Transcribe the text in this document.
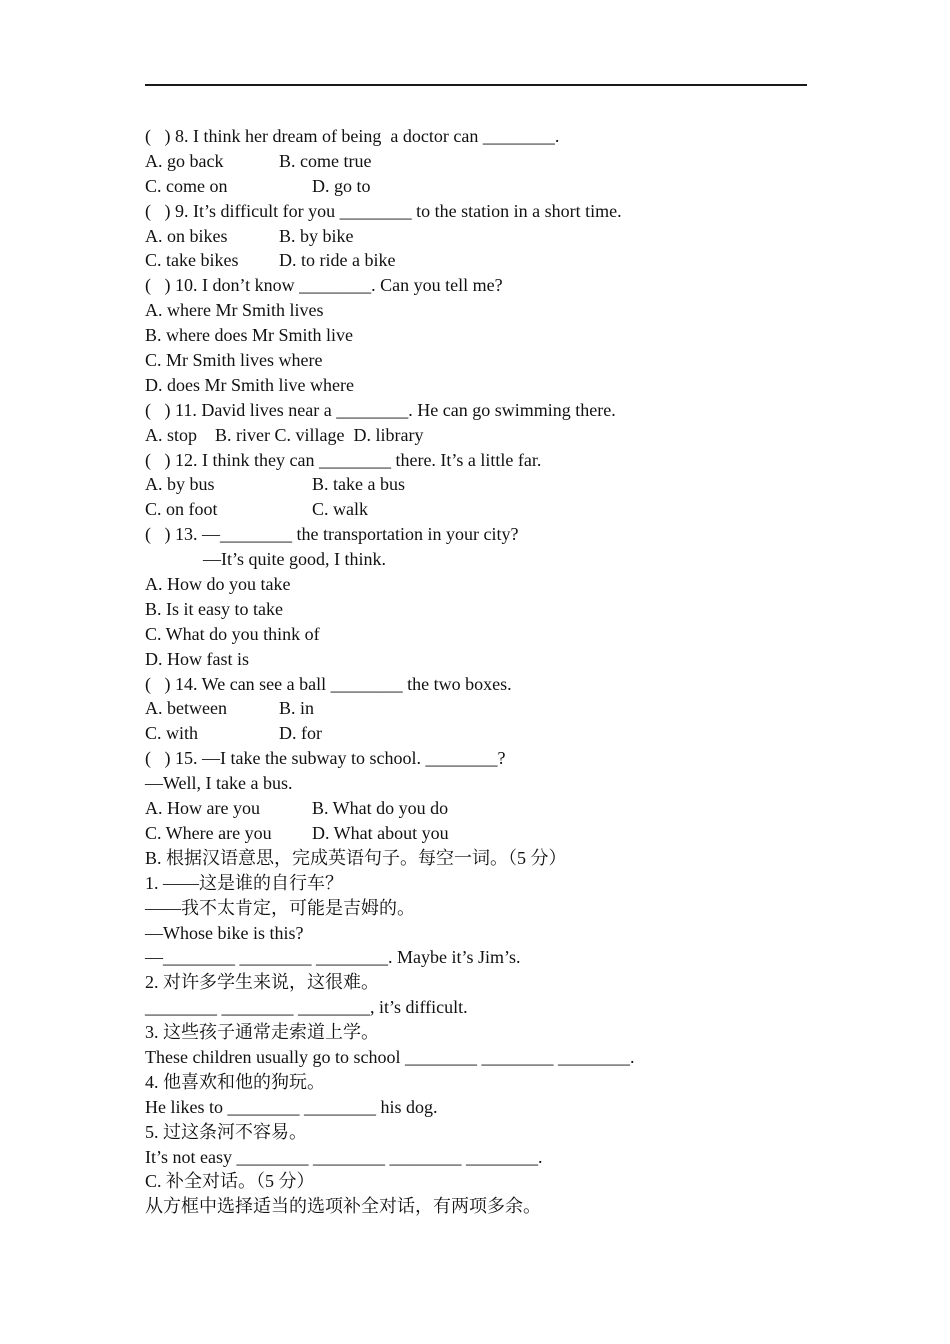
(   ) 8. I think her dream of being  a doctor can ________.
A. go back	B. come true
C. come on	D. go to
(   ) 9. It’s difficult for you ________ to the station in a short time.
A. on bikes	B. by bike
C. take bikes	D. to ride a bike
(   ) 10. I don’t know ________. Can you tell me?
A. where Mr Smith lives
B. where does Mr Smith live
C. Mr Smith lives where
D. does Mr Smith live where
(   ) 11. David lives near a ________. He can go swimming there.
A. stop    B. river C. village  D. library
(   ) 12. I think they can ________ there. It’s a little far.
A. by bus	B. take a bus
C. on foot	C. walk
(   ) 13. —________ the transportation in your city?
—It’s quite good, I think.
A. How do you take
B. Is it easy to take
C. What do you think of
D. How fast is
(   ) 14. We can see a ball ________ the two boxes.
A. between	B. in
C. with	D. for
(   ) 15. —I take the subway to school. ________?
—Well, I take a bus.
A. How are you	B. What do you do
C. Where are you	D. What about you
B. 根据汉语意思，完成英语句子。每空一词。（5 分）
1. ——这是谁的自行车？
——我不太肯定，可能是吉姆的。
—Whose bike is this?
—________ ________ ________. Maybe it’s Jim’s.
2. 对许多学生来说，这很难。
________ ________ ________, it’s difficult.
3. 这些孩子通常走索道上学。
These children usually go to school ________ ________ ________.
4. 他喜欢和他的狗玩。
He likes to ________ ________ his dog.
5. 过这条河不容易。
It’s not easy ________ ________ ________ ________.
C. 补全对话。（5 分）
从方框中选择适当的选项补全对话，有两项多余。
